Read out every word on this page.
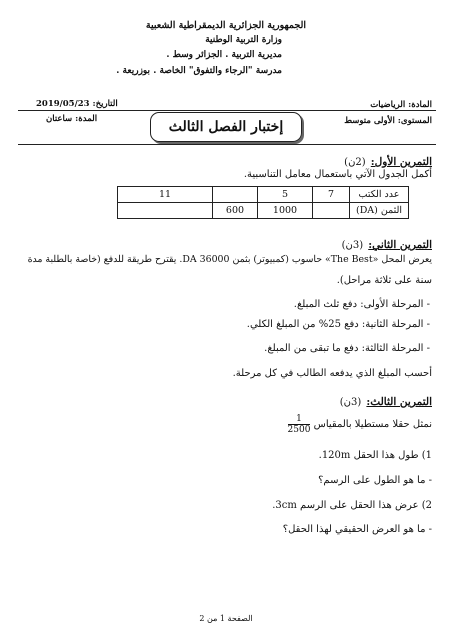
الجمهورية الجزائرية الديمقراطية الشعبية
وزارة التربية الوطنية
مديرية التربية . الجزائر وسط .
مدرسة "الرجاء والتفوق" الخاصة . بوزريعة .
المادة: الرياضيات
المستوى: الأولى متوسط
التاريخ: 2019/05/23
المدة: ساعتان	إختبار الفصل الثالث
التمرين الأول: (2ن)
أكمل الجدول الآتي باستعمال معامل التناسبية.
عدد الكتب	7	5		11
الثمن (DA)		1000	600	
التمرين الثاني: (3ن)
يعرض المحل «The Best» حاسوب (كمبيوتر) بثمن 36000 DA. يقترح طريقة للدفع (خاصة بالطلبة مدة
سنة على ثلاثة مراحل).
- المرحلة الأولى: دفع ثلث المبلغ.
- المرحلة الثانية: دفع 25% من المبلغ الكلي.
- المرحلة الثالثة: دفع ما تبقى من المبلغ.
أحسب المبلغ الذي يدفعه الطالب في كل مرحلة.
التمرين الثالث: (3ن)
نمثل حقلا مستطيلا بالمقياس
$\frac{1}{2500}$
1) طول هذا الحقل 120m.
- ما هو الطول على الرسم؟
2) عرض هذا الحقل على الرسم 3cm.
- ما هو العرض الحقيقي لهذا الحقل؟
الصفحة 1 من 2
